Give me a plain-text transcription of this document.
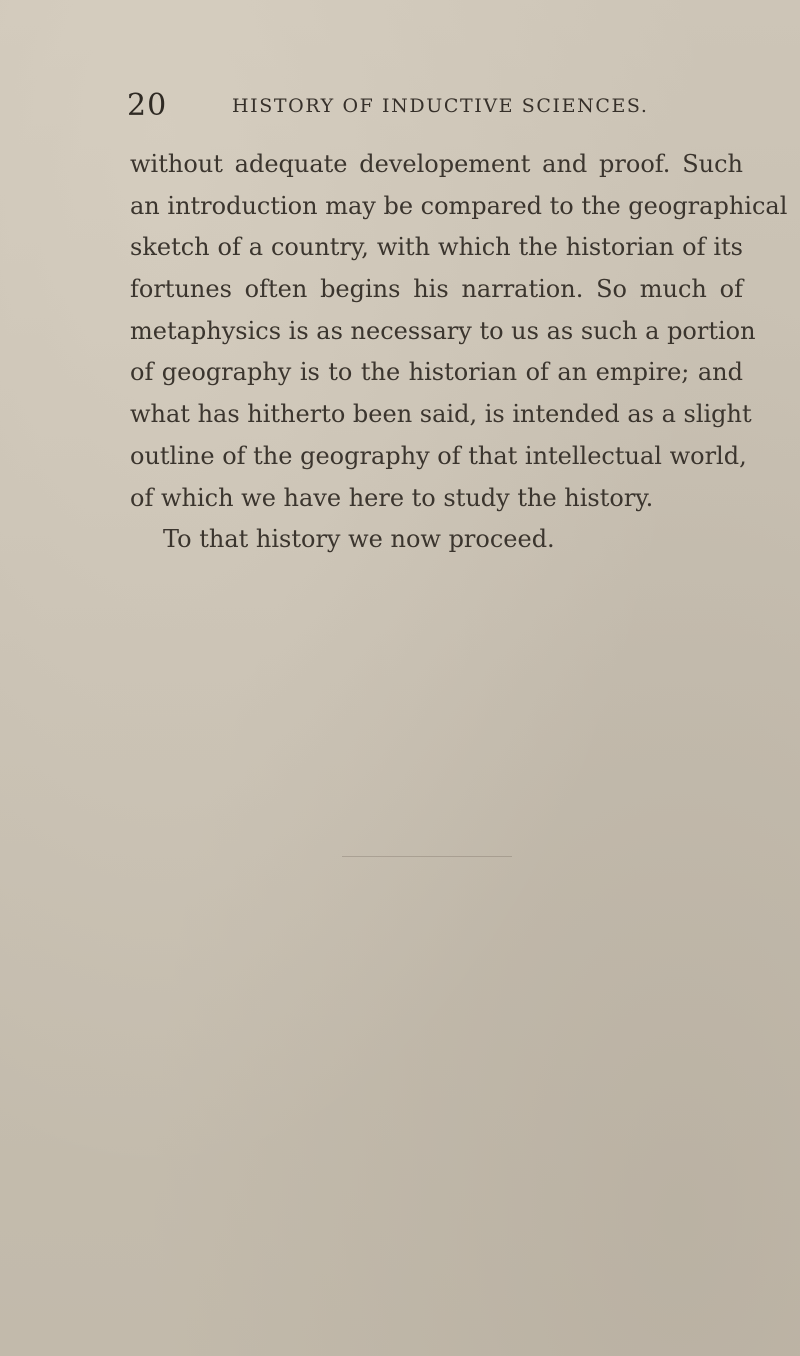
20	HISTORY OF INDUCTIVE SCIENCES.
without adequate developement and proof. Such
an introduction may be compared to the geographical
sketch of a country, with which the historian of its
fortunes often begins his narration. So much of
metaphysics is as necessary to us as such a portion
of geography is to the historian of an empire; and
what has hitherto been said, is intended as a slight
outline of the geography of that intellectual world,
of which we have here to study the history.
To that history we now proceed.
